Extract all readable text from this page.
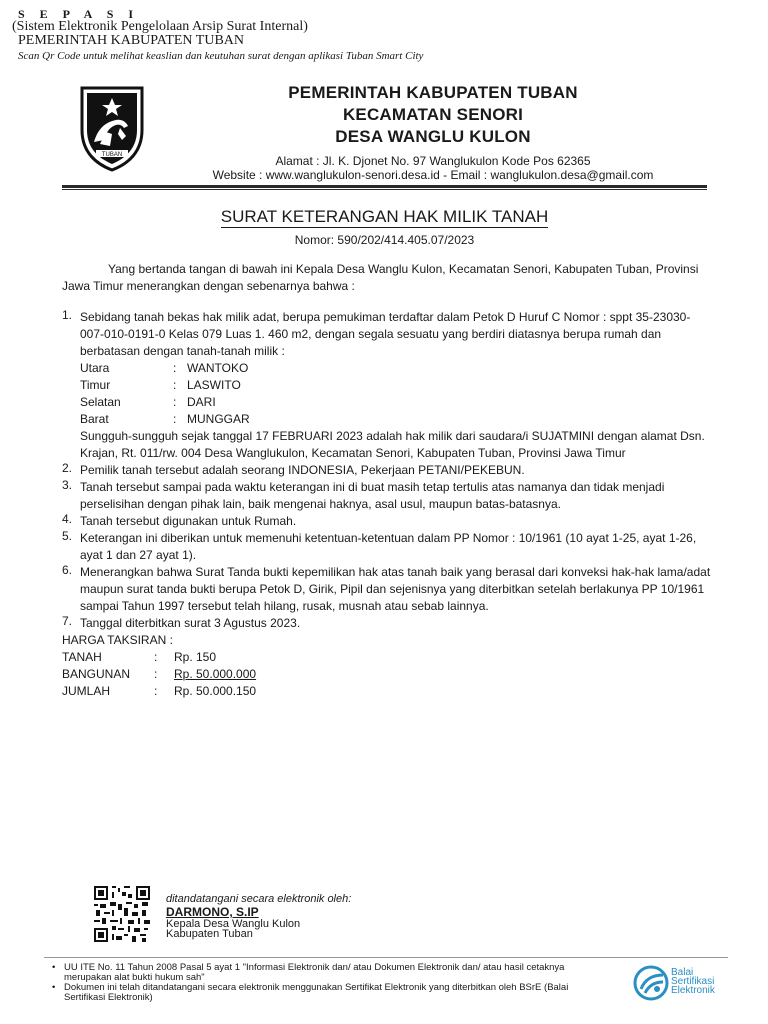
S E P A S I
(Sistem Elektronik Pengelolaan Arsip Surat Internal)
PEMERINTAH KABUPATEN TUBAN
Scan Qr Code untuk melihat keaslian dan keutuhan surat dengan aplikasi Tuban Smart City
TUBAN
PEMERINTAH KABUPATEN TUBAN
KECAMATAN SENORI
DESA WANGLU KULON
Alamat : Jl. K. Djonet No. 97 Wanglukulon Kode Pos 62365
Website : www.wanglukulon-senori.desa.id - Email : wanglukulon.desa@gmail.com
SURAT KETERANGAN HAK MILIK TANAH
Nomor: 590/202/414.405.07/2023
Yang bertanda tangan di bawah ini Kepala Desa Wanglu Kulon, Kecamatan Senori, Kabupaten Tuban, Provinsi Jawa Timur menerangkan dengan sebenarnya bahwa :
1. Sebidang tanah bekas hak milik adat, berupa pemukiman terdaftar dalam Petok D Huruf C Nomor : sppt 35-23030-007-010-0191-0 Kelas 079 Luas 1. 460 m2, dengan segala sesuatu yang berdiri diatasnya berupa rumah dan berbatasan dengan tanah-tanah milik :
Utara	: WANTOKO
Timur	: LASWITO
Selatan	: DARI
Barat	: MUNGGAR
Sungguh-sungguh sejak tanggal 17 FEBRUARI 2023 adalah hak milik dari saudara/i SUJATMINI dengan alamat Dsn. Krajan, Rt. 011/rw. 004 Desa Wanglukulon, Kecamatan Senori, Kabupaten Tuban, Provinsi Jawa Timur
2. Pemilik tanah tersebut adalah seorang INDONESIA, Pekerjaan PETANI/PEKEBUN.
3. Tanah tersebut sampai pada waktu keterangan ini di buat masih tetap tertulis atas namanya dan tidak menjadi perselisihan dengan pihak lain, baik mengenai haknya, asal usul, maupun batas-batasnya.
4. Tanah tersebut digunakan untuk Rumah.
5. Keterangan ini diberikan untuk memenuhi ketentuan-ketentuan dalam PP Nomor : 10/1961 (10 ayat 1-25, ayat 1-26, ayat 1 dan 27 ayat 1).
6. Menerangkan bahwa Surat Tanda bukti kepemilikan hak atas tanah baik yang berasal dari konveksi hak-hak lama/adat maupun surat tanda bukti berupa Petok D, Girik, Pipil dan sejenisnya yang diterbitkan setelah berlakunya PP 10/1961 sampai Tahun 1997 tersebut telah hilang, rusak, musnah atau sebab lainnya.
7. Tanggal diterbitkan surat 3 Agustus 2023.
HARGA TAKSIRAN :
TANAH	:	Rp. 150
BANGUNAN	:	Rp. 50.000.000
JUMLAH	:	Rp. 50.000.150
ditandatangani secara elektronik oleh:
DARMONO, S.IP
Kepala Desa Wanglu Kulon
Kabupaten Tuban
• UU ITE No. 11 Tahun 2008 Pasal 5 ayat 1 "Informasi Elektronik dan/ atau Dokumen Elektronik dan/ atau hasil cetaknya merupakan alat bukti hukum sah"
• Dokumen ini telah ditandatangani secara elektronik menggunakan Sertifikat Elektronik yang diterbitkan oleh BSrE (Balai Sertifikasi Elektronik)
Balai
Sertifikasi
Elektronik
